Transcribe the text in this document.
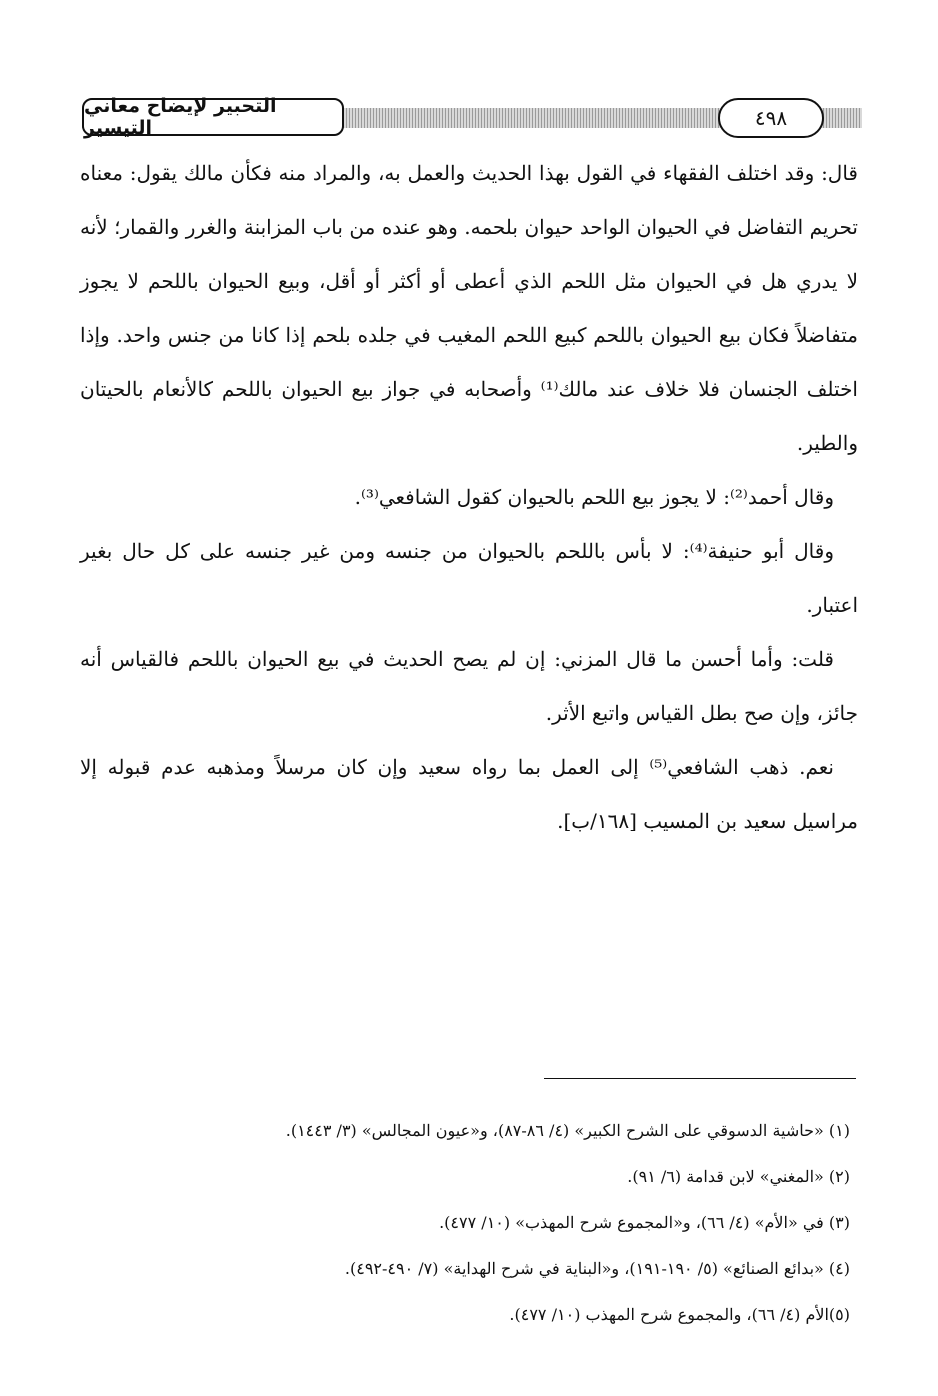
التحبير لإيضاح معاني التيسير	٤٩٨

قال: وقد اختلف الفقهاء في القول بهذا الحديث والعمل به، والمراد منه فكأن مالك يقول: معناه تحريم التفاضل في الحيوان الواحد حيوان بلحمه. وهو عنده من باب المزابنة والغرر والقمار؛ لأنه لا يدري هل في الحيوان مثل اللحم الذي أعطى أو أكثر أو أقل، وبيع الحيوان باللحم لا يجوز متفاضلاً فكان بيع الحيوان باللحم كبيع اللحم المغيب في جلده بلحم إذا كانا من جنس واحد. وإذا اختلف الجنسان فلا خلاف عند مالك⁽¹⁾ وأصحابه في جواز بيع الحيوان باللحم كالأنعام بالحيتان والطير.

وقال أحمد⁽²⁾: لا يجوز بيع اللحم بالحيوان كقول الشافعي⁽³⁾.

وقال أبو حنيفة⁽⁴⁾: لا بأس باللحم بالحيوان من جنسه ومن غير جنسه على كل حال بغير اعتبار.

قلت: وأما أحسن ما قال المزني: إن لم يصح الحديث في بيع الحيوان باللحم فالقياس أنه جائز، وإن صح بطل القياس واتبع الأثر.

نعم. ذهب الشافعي⁽⁵⁾ إلى العمل بما رواه سعيد وإن كان مرسلاً ومذهبه عدم قبوله إلا مراسيل سعيد بن المسيب [١٦٨/ب].

(١) «حاشية الدسوقي على الشرح الكبير» (٤/ ٨٦-٨٧)، و«عيون المجالس» (٣/ ١٤٤٣).

(٢) «المغني» لابن قدامة (٦/ ٩١).

(٣) في «الأم» (٤/ ٦٦)، و«المجموع شرح المهذب» (١٠/ ٤٧٧).

(٤) «بدائع الصنائع» (٥/ ١٩٠-١٩١)، و«البناية في شرح الهداية» (٧/ ٤٩٠-٤٩٢).

(٥)الأم (٤/ ٦٦)، والمجموع شرح المهذب (١٠/ ٤٧٧).
